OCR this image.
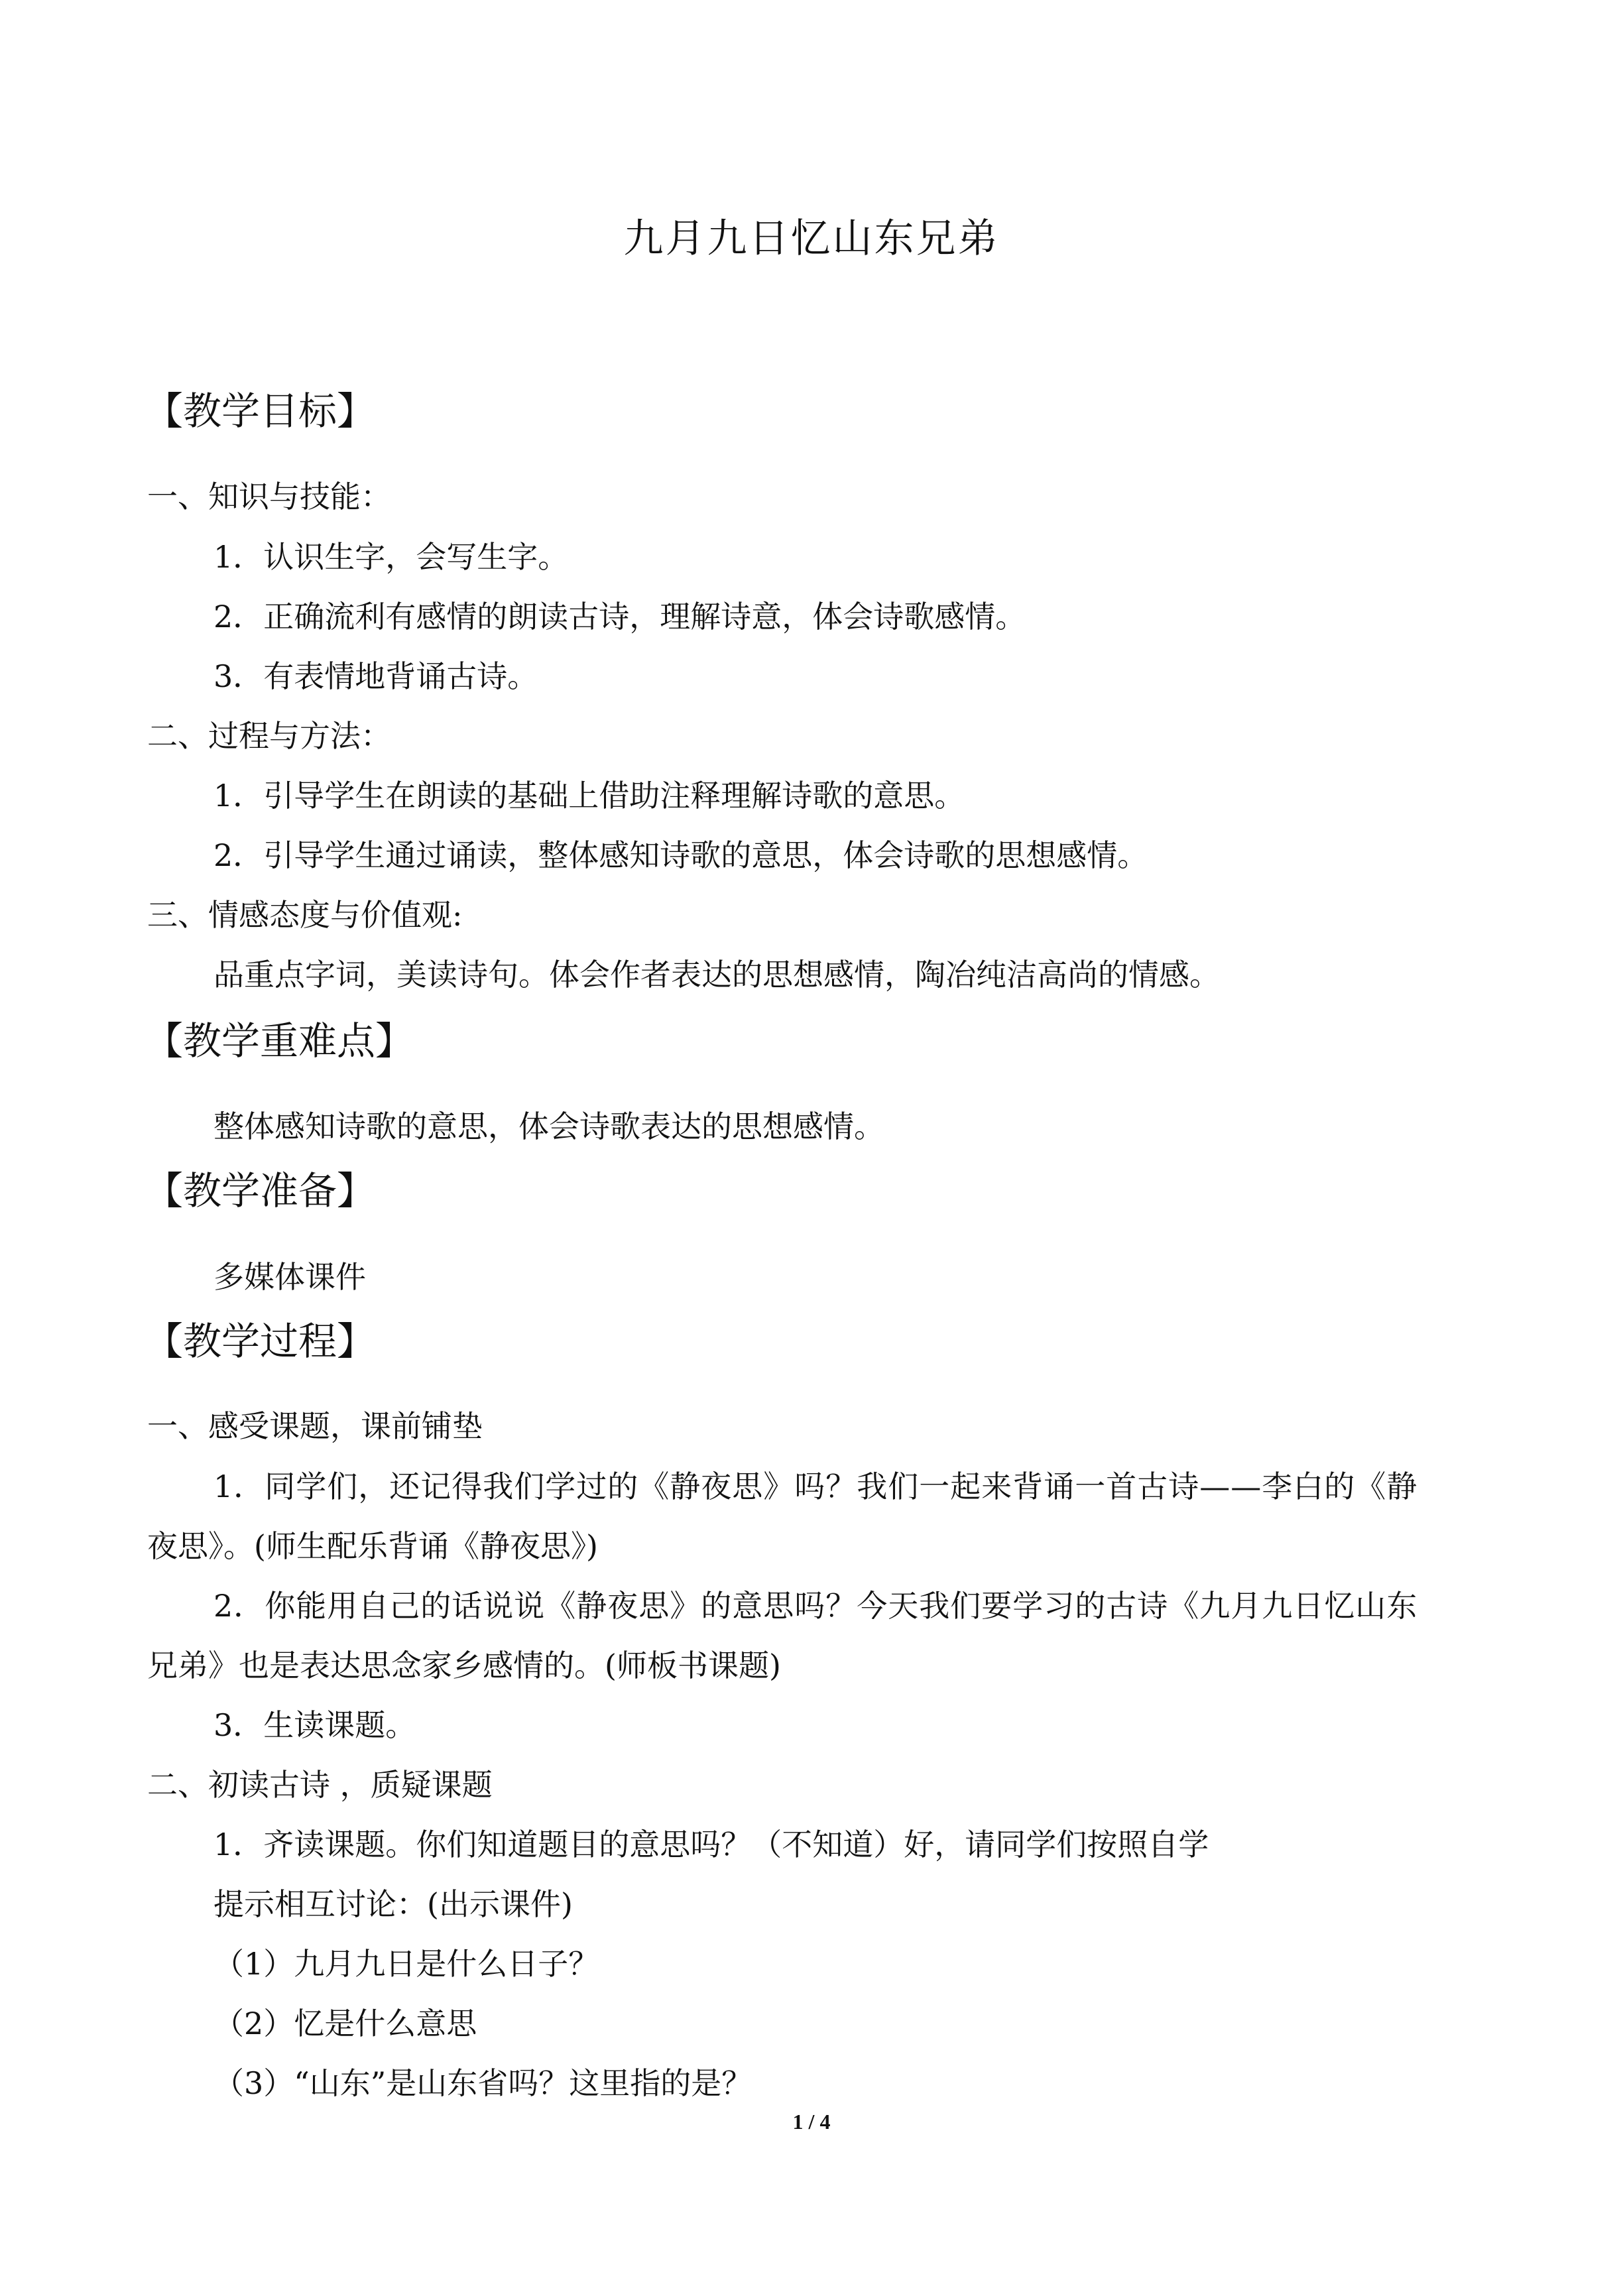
九月九日忆山东兄弟
【教学目标】
一、知识与技能：
1．认识生字，会写生字。
2．正确流利有感情的朗读古诗，理解诗意，体会诗歌感情。
3．有表情地背诵古诗。
二、过程与方法：
1．引导学生在朗读的基础上借助注释理解诗歌的意思。
2．引导学生通过诵读，整体感知诗歌的意思，体会诗歌的思想感情。
三、情感态度与价值观:
品重点字词，美读诗句。体会作者表达的思想感情，陶冶纯洁高尚的情感。
【教学重难点】
整体感知诗歌的意思，体会诗歌表达的思想感情。
【教学准备】
多媒体课件
【教学过程】
一、感受课题，课前铺垫
1．同学们，还记得我们学过的《静夜思》吗？我们一起来背诵一首古诗——李白的《静
夜思》。(师生配乐背诵《静夜思》)
2．你能用自己的话说说《静夜思》的意思吗？今天我们要学习的古诗《九月九日忆山东
兄弟》也是表达思念家乡感情的。(师板书课题)
3．生读课题。
二、初读古诗 ，质疑课题
1．齐读课题。你们知道题目的意思吗？（不知道）好，请同学们按照自学
提示相互讨论：(出示课件)
（1）九月九日是什么日子？
（2）忆是什么意思
（3）“山东”是山东省吗？这里指的是？
1 / 4
